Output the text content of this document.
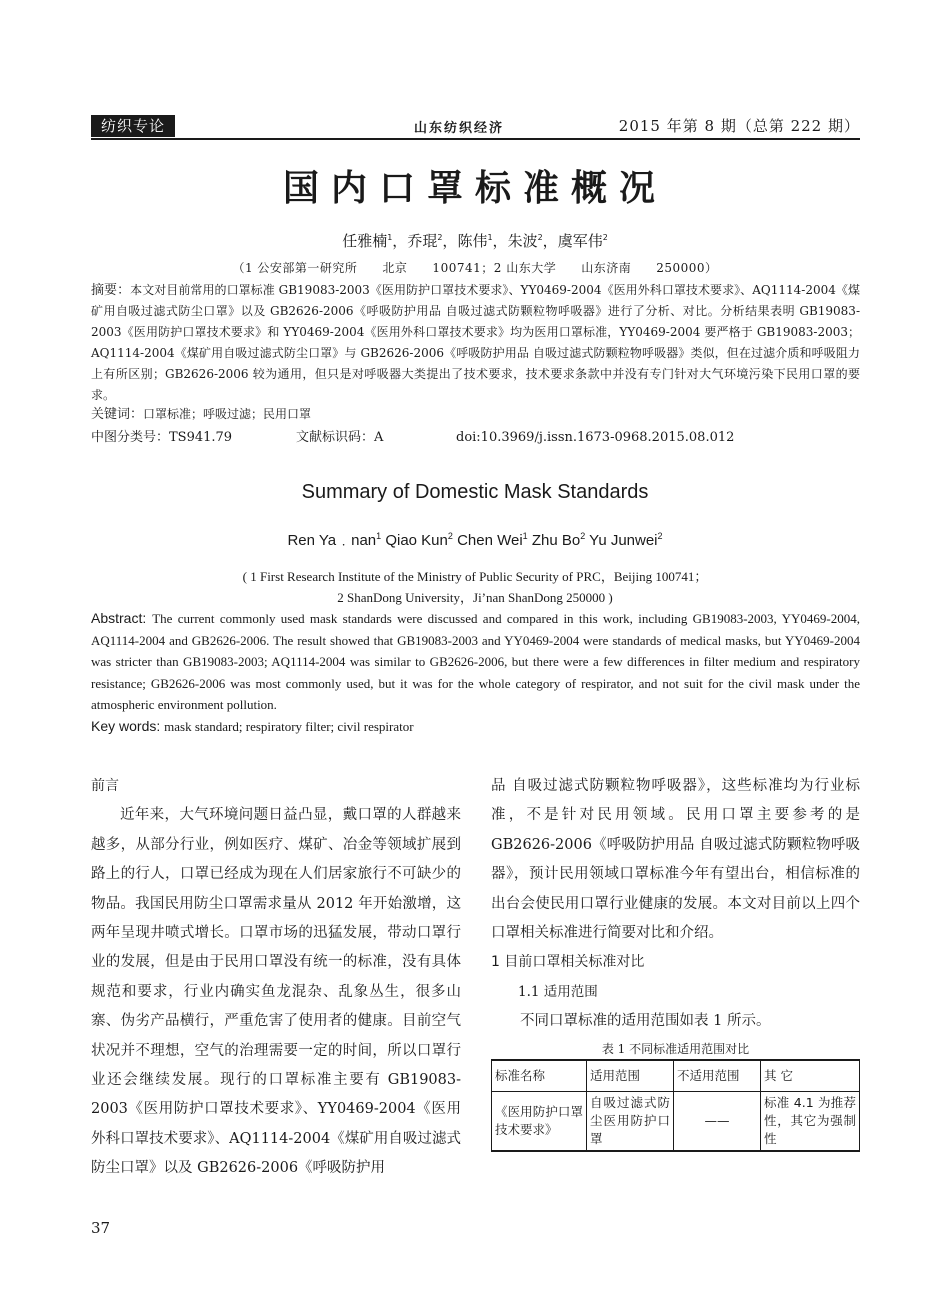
纺织专论	山东纺织经济	2015 年第 8 期（总第 222 期）
国内口罩标准概况
任雅楠$^1$，乔琨$^2$，陈伟$^1$，朱波$^2$，虞军伟$^2$
（1 公安部第一研究所　　北京　　100741；2 山东大学　　山东济南　　250000）
摘要：本文对目前常用的口罩标准 GB19083-2003《医用防护口罩技术要求》、YY0469-2004《医用外科口罩技术要求》、AQ1114-2004《煤矿用自吸过滤式防尘口罩》以及 GB2626-2006《呼吸防护用品 自吸过滤式防颗粒物呼吸器》进行了分析、对比。分析结果表明 GB19083-2003《医用防护口罩技术要求》和 YY0469-2004《医用外科口罩技术要求》均为医用口罩标准，YY0469-2004 要严格于 GB19083-2003；AQ1114-2004《煤矿用自吸过滤式防尘口罩》与 GB2626-2006《呼吸防护用品 自吸过滤式防颗粒物呼吸器》类似，但在过滤介质和呼吸阻力上有所区别；GB2626-2006 较为通用，但只是对呼吸器大类提出了技术要求，技术要求条款中并没有专门针对大气环境污染下民用口罩的要求。
关键词：口罩标准；呼吸过滤；民用口罩
中图分类号：TS941.79	文献标识码：A	doi:10.3969/j.issn.1673-0968.2015.08.012
Summary of Domestic Mask Standards
Ren Ya﹒nan$^1$ Qiao Kun$^2$ Chen Wei$^1$ Zhu Bo$^2$ Yu Junwei$^2$
( 1 First Research Institute of the Ministry of Public Security of PRC，Beijing 100741；
2 ShanDong University，Ji’nan ShanDong 250000 )
Abstract: The current commonly used mask standards were discussed and compared in this work, including GB19083-2003, YY0469-2004, AQ1114-2004 and GB2626-2006. The result showed that GB19083-2003 and YY0469-2004 were standards of medical masks, but YY0469-2004 was stricter than GB19083-2003; AQ1114-2004 was similar to GB2626-2006, but there were a few differences in filter medium and respiratory resistance; GB2626-2006 was most commonly used, but it was for the whole category of respirator, and not suit for the civil mask under the atmospheric environment pollution.
Key words: mask standard; respiratory filter; civil respirator
前言
近年来，大气环境问题日益凸显，戴口罩的人群越来越多，从部分行业，例如医疗、煤矿、冶金等领域扩展到路上的行人，口罩已经成为现在人们居家旅行不可缺少的物品。我国民用防尘口罩需求量从 2012 年开始激增，这两年呈现井喷式增长。口罩市场的迅猛发展，带动口罩行业的发展，但是由于民用口罩没有统一的标准，没有具体规范和要求，行业内确实鱼龙混杂、乱象丛生，很多山寨、伪劣产品横行，严重危害了使用者的健康。目前空气状况并不理想，空气的治理需要一定的时间，所以口罩行业还会继续发展。现行的口罩标准主要有 GB19083-2003《医用防护口罩技术要求》、YY0469-2004《医用外科口罩技术要求》、AQ1114-2004《煤矿用自吸过滤式防尘口罩》以及 GB2626-2006《呼吸防护用
品 自吸过滤式防颗粒物呼吸器》，这些标准均为行业标准，不是针对民用领域。民用口罩主要参考的是 GB2626-2006《呼吸防护用品 自吸过滤式防颗粒物呼吸器》，预计民用领域口罩标准今年有望出台，相信标准的出台会使民用口罩行业健康的发展。本文对目前以上四个口罩相关标准进行简要对比和介绍。
1 目前口罩相关标准对比
1.1 适用范围
不同口罩标准的适用范围如表 1 所示。
表 1 不同标准适用范围对比
标准名称	适用范围	不适用范围	其 它
《医用防护口罩技术要求》	自吸过滤式防尘医用防护口罩	——	标准 4.1 为推荐性，其它为强制性
37
